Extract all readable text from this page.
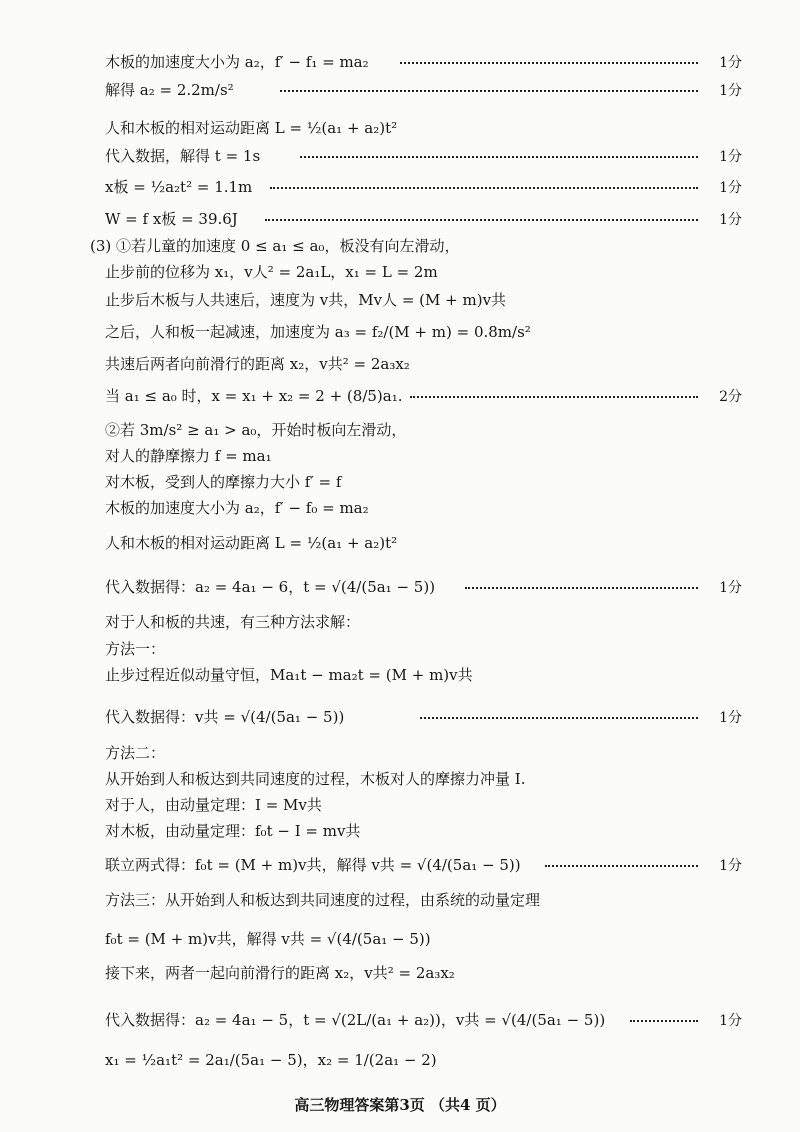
木板的加速度大小为 a₂，f′ − f₁ = ma₂
解得 a₂ = 2.2m/s²
人和木板的相对运动距离 L = ½(a₁ + a₂)t²
代入数据，解得 t = 1s
x板 = ½a₂t² = 1.1m
W = f x板 = 39.6J
(3) ①若儿童的加速度 0 ≤ a₁ ≤ a₀，板没有向左滑动，
止步前的位移为 x₁，v人² = 2a₁L，x₁ = L = 2m
止步后木板与人共速后，速度为 v共，Mv人 = (M + m)v共
之后，人和板一起减速，加速度为 a₃ = f₂/(M + m) = 0.8m/s²
共速后两者向前滑行的距离 x₂，v共² = 2a₃x₂
当 a₁ ≤ a₀ 时，x = x₁ + x₂ = 2 + (8/5)a₁.
②若 3m/s² ≥ a₁ > a₀，开始时板向左滑动，
对人的静摩擦力 f = ma₁
对木板，受到人的摩擦力大小 f′ = f
木板的加速度大小为 a₂，f′ − f₀ = ma₂
人和木板的相对运动距离 L = ½(a₁ + a₂)t²
代入数据得：a₂ = 4a₁ − 6，t = √(4/(5a₁ − 5))
对于人和板的共速，有三种方法求解：
方法一：
止步过程近似动量守恒，Ma₁t − ma₂t = (M + m)v共
代入数据得：v共 = √(4/(5a₁ − 5))
方法二：
从开始到人和板达到共同速度的过程，木板对人的摩擦力冲量 I.
对于人，由动量定理：I = Mv共
对木板，由动量定理：f₀t − I = mv共
联立两式得：f₀t = (M + m)v共，解得 v共 = √(4/(5a₁ − 5))
方法三：从开始到人和板达到共同速度的过程，由系统的动量定理
f₀t = (M + m)v共，解得 v共 = √(4/(5a₁ − 5))
接下来，两者一起向前滑行的距离 x₂，v共² = 2a₃x₂
代入数据得：a₂ = 4a₁ − 5，t = √(2L/(a₁ + a₂))，v共 = √(4/(5a₁ − 5))
x₁ = ½a₁t² = 2a₁/(5a₁ − 5)，x₂ = 1/(2a₁ − 2)
1分
1分
1分
1分
1分
2分
1分
1分
1分
1分
高三物理答案第3页 （共4 页）
